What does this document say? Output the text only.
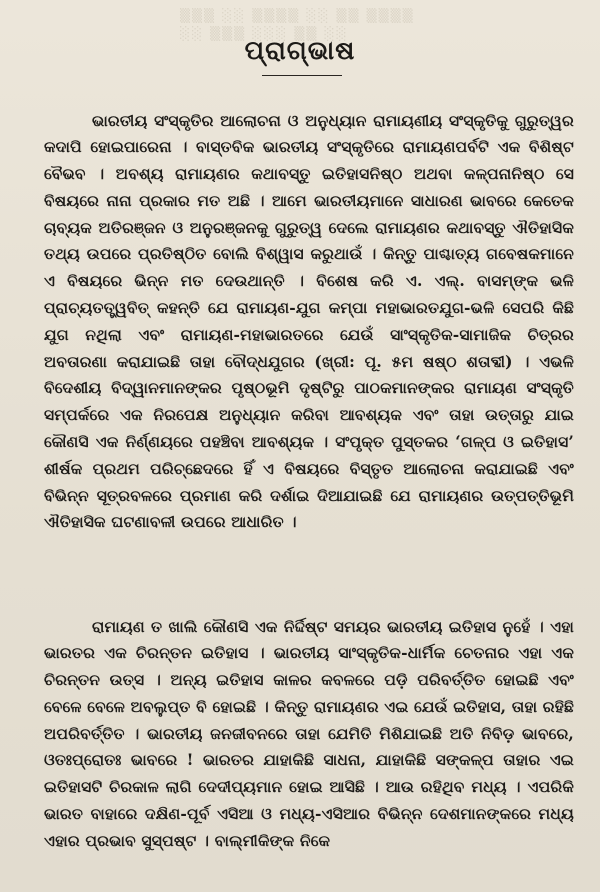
▒▒▒ ░░ ▒▒▒▒ ░░ ▒▒ ▒▒▒▒
░░ ▒▒▒ ░░░ ▒▒ ░░
ପ୍ରାଗ୍‌ଭାଷ

ଭାରତୀୟ ସଂସ୍କୃତିର ଆଲୋଚନା ଓ ଅନୁଧ୍ୟାନ ରାମାୟଣୀୟ ସଂସ୍କୃତିକୁ ଗୁରୁତ୍ୱର କଦାପି ହୋଇପାରେନା । ବାସ୍ତବିକ ଭାରତୀୟ ସଂସ୍କୃତିରେ ରାମାୟଣପର୍ବଟି ଏକ ବିଶିଷ୍ଟ ବୈଭବ । ଅବଶ୍ୟ ରାମାୟଣର କଥାବସ୍ତୁ ଇତିହାସନିଷ୍ଠ ଅଥବା କଳ୍ପନାନିଷ୍ଠ ସେ ବିଷୟରେ ନାନା ପ୍ରକାର ମତ ଅଛି । ଆମେ ଭାରତୀୟମାନେ ସାଧାରଣ ଭାବରେ କେତେକ ଚାବ୍ୟକ ଅତିରଞ୍ଜନ ଓ ଅନୁରଞ୍ଜନକୁ ଗୁରୁତ୍ୱ ଦେଲେ ରାମାୟଣର କଥାବସ୍ତୁ ଐତିହାସିକ ତଥ୍ୟ ଉପରେ ପ୍ରତିଷ୍ଠିତ ବୋଲି ବିଶ୍ୱାସ କରୁଥାଉଁ । କିନ୍ତୁ ପାଶ୍ଚାତ୍ୟ ଗବେଷକମାନେ ଏ ବିଷୟରେ ଭିନ୍ନ ମତ ଦେଉଥାନ୍ତି । ବିଶେଷ କରି ଏ. ଏଲ୍. ବାସମ୍‌ଙ୍କ ଭଳି ପ୍ରାଚ୍ୟତତ୍ତ୍ୱବିତ୍ କହନ୍ତି ଯେ ରାମାୟଣ-ଯୁଗ କମ୍ପା ମହାଭାରତଯୁଗ-ଭଳି ସେପରି କିଛି ଯୁଗ ନଥିଲା ଏବଂ ରାମାୟଣ-ମହାଭାରତରେ ଯେଉଁ ସାଂସ୍କୃତିକ-ସାମାଜିକ ଚିତ୍ରର ଅବତାରଣା କରାଯାଇଛି ତାହା ବୌଦ୍ଧଯୁଗର (ଖ୍ରୀ: ପୂ. ୫ମ ଷଷ୍ଠ ଶତାବ୍ଦୀ) । ଏଭଳି ବିଦେଶୀୟ ବିଦ୍ୱାନମାନଙ୍କର ପୃଷ୍ଠଭୂମି ଦୃଷ୍ଟିରୁ ପାଠକମାନଙ୍କର ରାମାୟଣ ସଂସ୍କୃତି ସମ୍ପର୍କରେ ଏକ ନିରପେକ୍ଷ ଅନୁଧ୍ୟାନ କରିବା ଆବଶ୍ୟକ ଏବଂ ତାହା ଉତ୍ତାରୁ ଯାଇ କୌଣସି ଏକ ନିର୍ଣ୍ଣୟରେ ପହଞ୍ଚିବା ଆବଶ୍ୟକ । ସଂପୃକ୍ତ ପୁସ୍ତକର ‘ଗଳ୍ପ ଓ ଇତିହାସ’ ଶୀର୍ଷକ ପ୍ରଥମ ପରିଚ୍ଛେଦରେ ହିଁ ଏ ବିଷୟରେ ବିସ୍ତୃତ ଆଲୋଚନା କରାଯାଇଛି ଏବଂ ବିଭିନ୍ନ ସୂତ୍ରବଳରେ ପ୍ରମାଣ କରି ଦର୍ଶାଇ ଦିଆଯାଇଛି ଯେ ରାମାୟଣର ଉତ୍ପତ୍ତିଭୂମି ଐତିହାସିକ ଘଟଣାବଳୀ ଉପରେ ଆଧାରିତ ।

ରାମାୟଣ ତ ଖାଲି କୌଣସି ଏକ ନିର୍ଦ୍ଦିଷ୍ଟ ସମୟର ଭାରତୀୟ ଇତିହାସ ନୁହେଁ । ଏହା ଭାରତର ଏକ ଚିରନ୍ତନ ଇତିହାସ । ଭାରତୀୟ ସାଂସ୍କୃତିକ-ଧାର୍ମିକ ଚେତନାର ଏହା ଏକ ଚିରନ୍ତନ ଉତ୍ସ । ଅନ୍ୟ ଇତିହାସ କାଳର କବଳରେ ପଡ଼ି ପରିବର୍ତ୍ତିତ ହୋଇଛି ଏବଂ ବେଳେ ବେଳେ ଅବଲୁପ୍ତ ବି ହୋଇଛି । କିନ୍ତୁ ରାମାୟଣର ଏଇ ଯେଉଁ ଇତିହାସ, ତାହା ରହିଛି ଅପରିବର୍ତ୍ତିତ । ଭାରତୀୟ ଜନଜୀବନରେ ତାହା ଯେମିତି ମିଶିଯାଇଛି ଅତି ନିବିଡ଼ ଭାବରେ, ଓତଃପ୍ରୋତଃ ଭାବରେ ! ଭାରତର ଯାହାକିଛି ସାଧନା, ଯାହାକିଛି ସଙ୍କଳ୍ପ ତାହାର ଏଇ ଇତିହାସଟି ଚିରକାଳ ଲାଗି ଦେଦୀପ୍ୟମାନ ହୋଇ ଆସିଛି । ଆଉ ରହିଥିବ ମଧ୍ୟ । ଏପରିକି ଭାରତ ବାହାରେ ଦକ୍ଷିଣ-ପୂର୍ବ ଏସିଆ ଓ ମଧ୍ୟ-ଏସିଆର ବିଭିନ୍ନ ଦେଶମାନଙ୍କରେ ମଧ୍ୟ ଏହାର ପ୍ରଭାବ ସୁସ୍ପଷ୍ଟ । ବାଲ୍ମୀକିଙ୍କ ନିକେ
